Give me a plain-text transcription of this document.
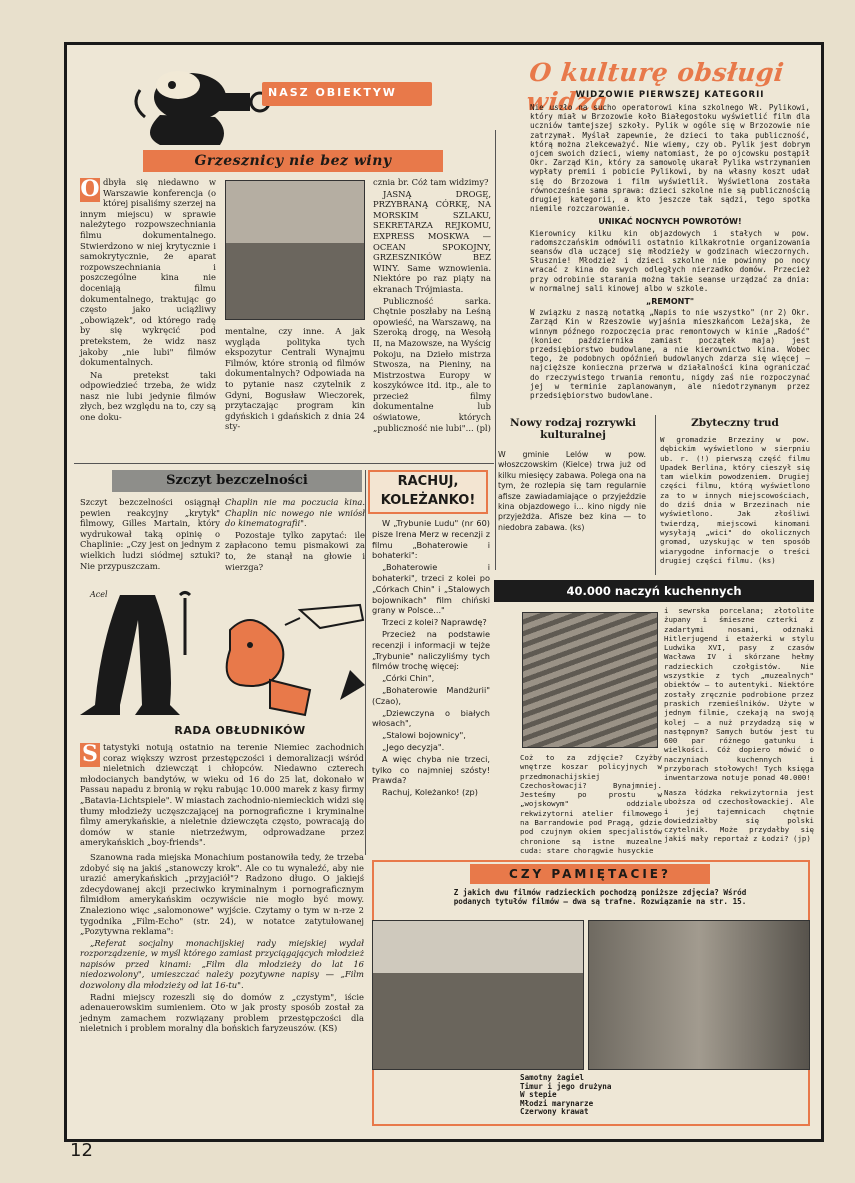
NASZ OBIEKTYW
O kulturę obsługi widza
WIDZOWIE PIERWSZEJ KATEGORII

Nie uszło na sucho operatorowi kina szkolnego Wł. Pylikowi, który miał w Brzozowie koło Białegostoku wyświetlić film dla uczniów tamtejszej szkoły. Pylik w ogóle się w Brzozowie nie zatrzymał. Myślał zapewnie, że dzieci to taka publiczność, którą można zlekceważyć. Nie wiemy, czy ob. Pylik jest dobrym ojcem swoich dzieci, wiemy natomiast, że po ojcowsku postąpił Okr. Zarząd Kin, który za samowolę ukarał Pylika wstrzymaniem wypłaty premii i pobicie Pylikowi, by na własny koszt udał się do Brzozowa i film wyświetlił. Wyświetlona została równocześnie sama sprawa: dzieci szkolne nie są publicznością drugiej kategorii, a kto jeszcze tak sądzi, tego spotka niemile rozczarowanie.

UNIKAĆ NOCNYCH POWROTÓW!

Kierownicy kilku kin objazdowych i stałych w pow. radomszczańskim odmówili ostatnio kilkakrotnie organizowania seansów dla uczącej się młodzieży w godzinach wieczornych. Słusznie! Młodzież i dzieci szkolne nie powinny po nocy wracać z kina do swych odległych nierzadko domów. Przecież przy odrobinie starania można takie seanse urządzać za dnia: w normalnej sali kinowej albo w szkole.

„REMONT"

W związku z naszą notatką „Napis to nie wszystko" (nr 2) Okr. Zarząd Kin w Rzeszowie wyjaśnia mieszkańcom Leżajska, że winnym późnego rozpoczęcia prac remontowych w kinie „Radość" (koniec października zamiast początek maja) jest przedsiębiorstwo budowlane, a nie kierownictwo kina. Wobec tego, że podobnych opóźnień budowlanych zdarza się więcej — najcięższe konieczna przerwa w działalności kina ograniczać do rzeczywistego trwania remontu, nigdy zaś nie rozpoczynać jej w terminie zaplanowanym, ale niedotrzymanym przez przedsiębiorstwo budowlane.

Nowy rodzaj rozrywki kulturalnej
W gminie Lelów w pow. włoszczowskim (Kielce) trwa już od kilku miesięcy zabawa. Polega ona na tym, że rozlepia się tam regularnie afisze zawiadamiające o przyjeździe kina objazdowego i... kino nigdy nie przyjeżdża. Afisze bez kina — to niedobra zabawa. (ks)
Zbyteczny trud
W gromadzie Brzeziny w pow. dębickim wyświetlono w sierpniu ub. r. (!) pierwszą część filmu Upadek Berlina, który cieszył się tam wielkim powodzeniem. Drugiej części filmu, którą wyświetlono za to w innych miejscowościach, do dziś dnia w Brzezinach nie wyświetlono. Jak złośliwi twierdzą, miejscowi kinomani wysyłają „wici" do okolicznych gromad, uzyskując w ten sposób wiarygodne informacje o treści drugiej części filmu. (ks)
40.000 naczyń kuchennych
i sewrska porcelana; złotolite żupany i śmieszne czterki z zadartymi nosami, odznaki Hitlerjugend i etażerki w stylu Ludwika XVI, pasy z czasów Wacława IV i skórzane hełmy radzieckich czołgistów. Nie wszystkie z tych „muzealnych" obiektów — to autentyki. Niektóre zostały zręcznie podrobione przez praskich rzemieślników. Użyte w jednym filmie, czekają na swoją kolej — a nuż przydadzą się w następnym? Samych butów jest tu 600 par różnego gatunku i wielkości. Cóż dopiero mówić o naczyniach kuchennych i przyborach stołowych! Tych księga inwentarzowa notuje ponad 40.000!
Coż to za zdjęcie? Czyżby wnętrze koszar policyjnych w przedmonachijskiej Czechosłowacji? Bynajmniej. Jesteśmy po prostu w „wojskowym" oddziale rekwizytorni atelier filmowego na Barrandowie pod Pragą, gdzie pod czujnym okiem specjalistów chronione są istne muzealne cuda: stare chorągwie husyckie
Nasza łódzka rekwizytornia jest uboższa od czechosłowackiej. Ale i jej tajemnicach chętnie dowiedziałby się polski czytelnik. Może przydałby się jakiś mały reportaż z Łodzi? (jp)
Grzesznicy nie bez winy
O dbyła się niedawno w Warszawie konferencja (o której pisaliśmy szerzej na innym miejscu) w sprawie należytego rozpowszechniania filmu dokumentalnego. Stwierdzono w niej krytycznie i samokrytycznie, że aparat rozpowszechniania i poszczególne kina nie doceniają filmu dokumentalnego, traktując go często jako uciążliwy „obowiązek", od którego radę by się wykręcić pod pretekstem, że widz nasz jakoby „nie lubi" filmów dokumentalnych.

Na pretekst taki odpowiedzieć trzeba, że widz nasz nie lubi jedynie filmów złych, bez względu na to, czy są one doku-

mentalne, czy inne. A jak wygląda polityka tych ekspozytur Centrali Wynajmu Filmów, które stronią od filmów dokumentalnych? Odpowiada na to pytanie nasz czytelnik z Gdyni, Bogusław Wieczorek, przytaczając program kin gdyńskich i gdańskich z dnia 24 sty-

cznia br. Cóż tam widzimy?

JASNĄ DROGĘ, PRZYBRANĄ CÓRKĘ, NA MORSKIM SZLAKU, SEKRETARZA REJKOMU, EXPRESS MOSKWA — OCEAN SPOKOJNY, GRZESZNIKÓW BEZ WINY. Same wznowienia. Niektóre po raz piąty na ekranach Trójmiasta.

Publiczność sarka. Chętnie poszłaby na Leśną opowieść, na Warszawę, na Szeroką drogę, na Wesołą II, na Mazowsze, na Wyścig Pokoju, na Dzieło mistrza Stwosza, na Pieniny, na Mistrzostwa Europy w koszykówce itd. itp., ale to przecież filmy dokumentalne lub oświatowe, których „publiczność nie lubi"... (pl)

Szczyt bezczelności
Szczyt bezczelności osiągnął pewien reakcyjny „krytyk" filmowy, Gilles Martain, który wydrukował taką opinię o Chaplinie: „Czy jest on jednym z wielkich ludzi siódmej sztuki? Nie przypuszczam.

Chaplin nie ma poczucia kina. Chaplin nic nowego nie wniósł do kinematografii".

Pozostaje tylko zapytać: ile zapłacono temu pismakowi za to, że stanął na głowie i wierzga?

Acel
RADA OBŁUDNIKÓW
S tatystyki notują ostatnio na terenie Niemiec zachodnich coraz większy wzrost przestępczości i demoralizacji wśród nieletnich dziewcząt i chłopców. Niedawno czterech młodocianych bandytów, w wieku od 16 do 25 lat, dokonało w Passau napadu z bronią w ręku rabując 10.000 marek z kasy firmy „Batavia-Lichtspiele". W miastach zachodnio-niemieckich widzi się tłumy młodzieży uczęszczającej na pornograficzne i kryminalne filmy amerykańskie, a nieletnie dziewczęta często, powracają do domów w stanie nietrzeźwym, odprowadzane przez amerykańskich „boy-friends".

Szanowna rada miejska Monachium postanowiła tedy, że trzeba zdobyć się na jakiś „stanowczy krok". Ale co tu wynaleźć, aby nie urazić amerykańskich „przyjaciół"? Radzono długo. O jakiejś zdecydowanej akcji przeciwko kryminalnym i pornograficznym filmidłom amerykańskim oczywiście nie mogło być mowy. Znaleziono więc „salomonowe" wyjście. Czytamy o tym w n-rze 2 tygodnika „Film-Echo" (str. 24), w notatce zatytułowanej „Pozytywna reklama":

„Referat socjalny monachijskiej rady miejskiej wydał rozporządzenie, w myśl którego zamiast przyciągających młodzież napisów przed kinami: „Film dla młodzieży do lat 16 niedozwolony", umieszczać należy pozytywne napisy — „Film dozwolony dla młodzieży od lat 16-tu".

Radni miejscy rozeszli się do domów z „czystym", iście adenauerowskim sumieniem. Oto w jak prosty sposób został za jednym zamachem rozwiązany problem przestępczości dla nieletnich i problem moralny dla bońskich faryzeuszów. (KS)

RACHUJ,
KOLEŻANKO!

W „Trybunie Ludu" (nr 60) pisze Irena Merz w recenzji z filmu „Bohaterowie i bohaterki":

„Bohaterowie i bohaterki", trzeci z kolei po „Córkach Chin" i „Stalowych bojownikach" film chiński grany w Polsce..."

Trzeci z kolei? Naprawdę?

Przecież na podstawie recenzji i informacji w tejże „Trybunie" naliczyliśmy tych filmów trochę więcej:

„Córki Chin",

„Bohaterowie Mandżurii" (Czao),

„Dziewczyna o białych włosach",

„Stalowi bojownicy",

„Jego decyzja".

A więc chyba nie trzeci, tylko co najmniej szósty! Prawda?

Rachuj, Koleżanko! (zp)

CZY PAMIĘTACIE?
Z jakich dwu filmów radzieckich pochodzą poniższe zdjęcia? Wśród podanych tytułów filmów — dwa są trafne. Rozwiązanie na str. 15.
Samotny żagiel
Timur i jego drużyna
W stepie
Młodzi marynarze
Czerwony krawat
12
